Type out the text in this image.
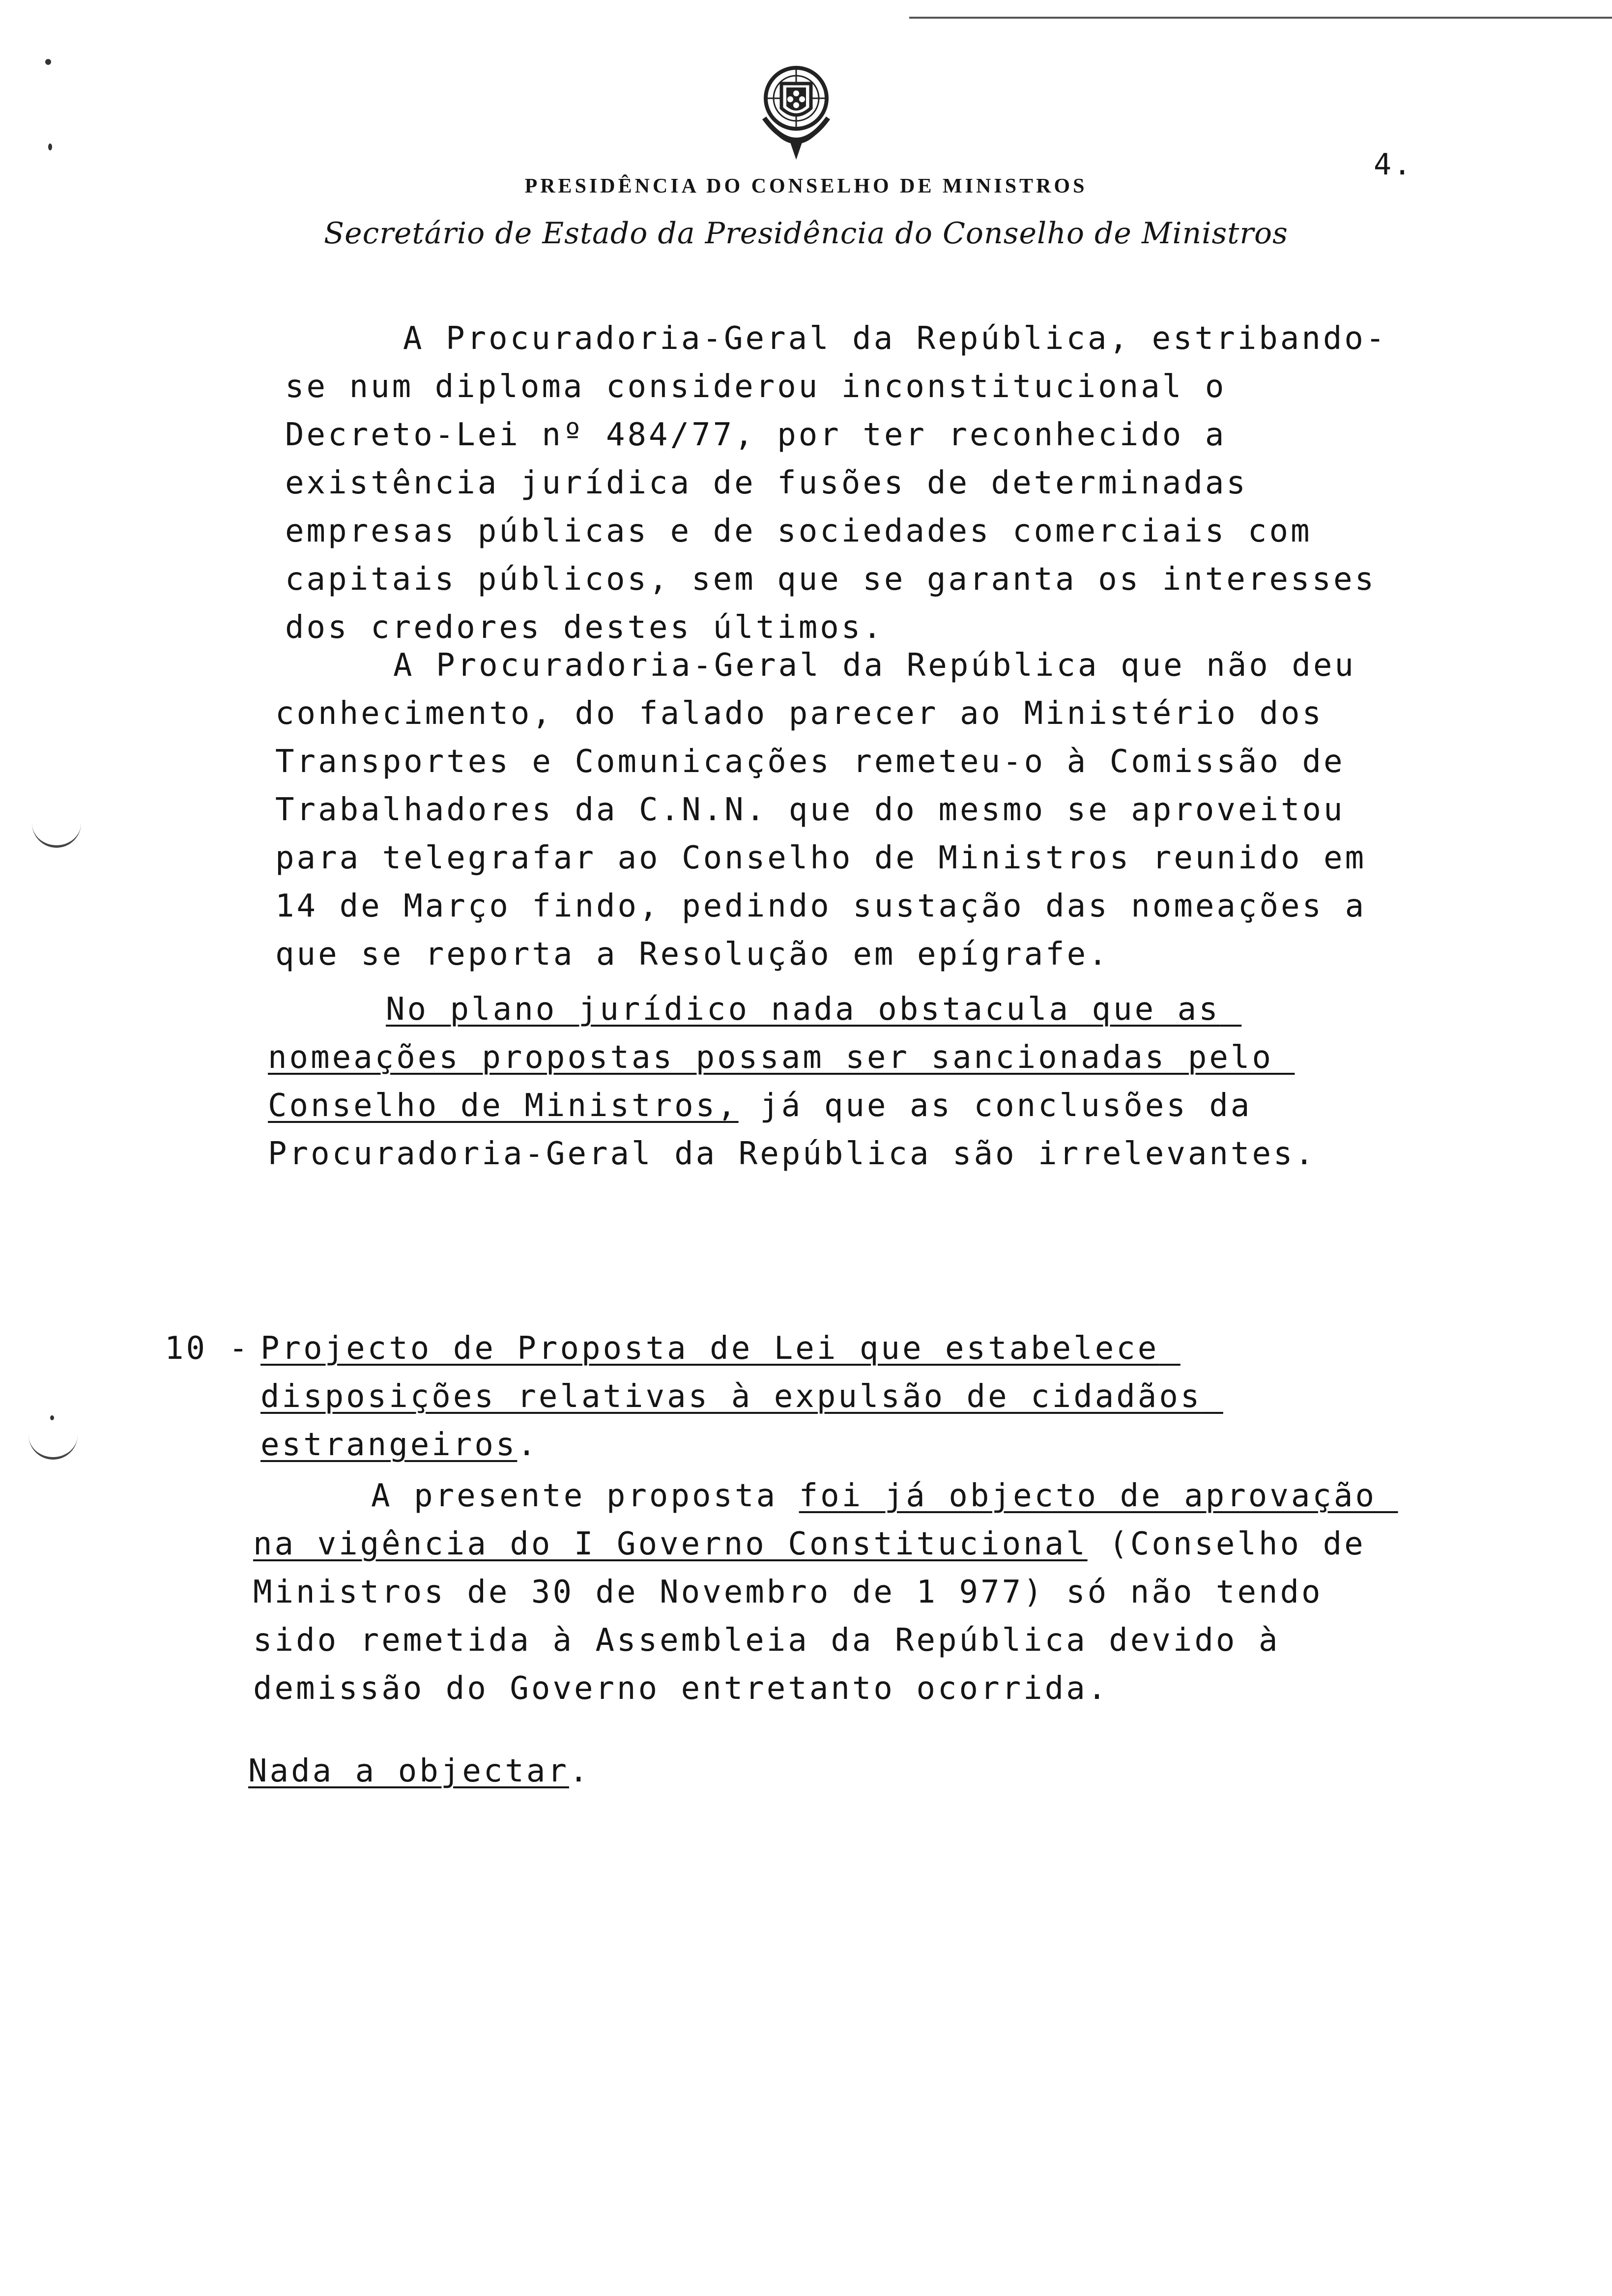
4.
PRESIDÊNCIA DO CONSELHO DE MINISTROS
Secretário de Estado da Presidência do Conselho de Ministros

A Procuradoria-Geral da República, estribando-se num diploma considerou inconstitucional o Decreto-Lei nº 484/77, por ter reconhecido a existência jurídica de fusões de determinadas empresas públicas e de sociedades comerciais com capitais públicos, sem que se garanta os interesses dos credores destes últimos.

A Procuradoria-Geral da República que não deu conhecimento, do falado parecer ao Ministério dos Transportes e Comunicações remeteu-o à Comissão de Trabalhadores da C.N.N. que do mesmo se aproveitou para telegrafar ao Conselho de Ministros reunido em 14 de Março findo, pedindo sustação das nomeações a que se reporta a Resolução em epígrafe.

No plano jurídico nada obstacula que as nomeações propostas possam ser sancionadas pelo Conselho de Ministros, já que as conclusões da Procuradoria-Geral da República são irrelevantes.

10 - Projecto de Proposta de Lei que estabelece disposições relativas à expulsão de cidadãos estrangeiros.

A presente proposta foi já objecto de aprovação na vigência do I Governo Constitucional (Conselho de Ministros de 30 de Novembro de 1 977) só não tendo sido remetida à Assembleia da República devido à demissão do Governo entretanto ocorrida.

Nada a objectar.
